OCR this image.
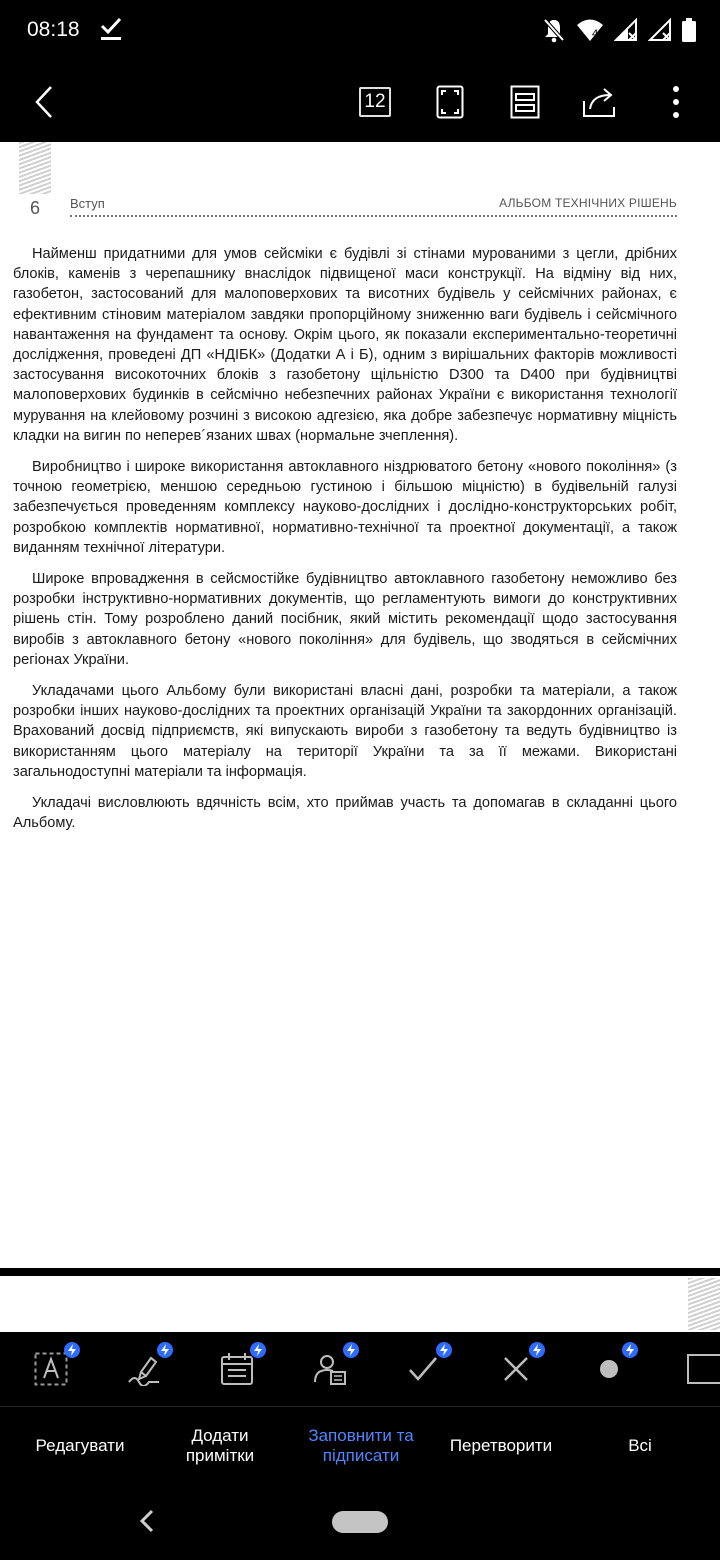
08:18	4
12
6 Вступ	АЛЬБОМ ТЕХНІЧНИХ РІШЕНЬ

Найменш придатними для умов сейсміки є будівлі зі стінами мурованими з цегли, дрібних блоків, каменів з черепашнику внаслідок підвищеної маси конструкції. На відміну від них, газобетон, застосований для малоповерхових та висотних будівель у сейсмічних районах, є ефективним стіновим матеріалом завдяки пропорційному зниженню ваги будівель і сейсмічного навантаження на фундамент та основу. Окрім цього, як показали експериментально-теоретичні дослідження, проведені ДП «НДІБК» (Додатки А і Б), одним з вирішальних факторів можливості застосування високоточних блоків з газобетону щільністю D300 та D400 при будівництві малоповерхових будинків в сейсмічно небезпечних районах України є використання технології мурування на клейовому розчині з високою адгезією, яка добре забезпечує нормативну міцність кладки на вигин по неперев´язаних швах (нормальне зчеплення).

Виробництво і широке використання автоклавного ніздрюватого бетону «нового покоління» (з точною геометрією, меншою середньою густиною і більшою міцністю) в будівельній галузі забезпечується проведенням комплексу науково-дослідних і дослідно-конструкторських робіт, розробкою комплектів нормативної, нормативно-технічної та проектної документації, а також виданням технічної літератури.

Широке впровадження в сейсмостійке будівництво автоклавного газобетону неможливо без розробки інструктивно-нормативних документів, що регламентують вимоги до конструктивних рішень стін. Тому розроблено даний посібник, який містить рекомендації щодо застосування виробів з автоклавного бетону «нового покоління» для будівель, що зводяться в сейсмічних регіонах України.

Укладачами цього Альбому були використані власні дані, розробки та матеріали, а також розробки інших науково-дослідних та проектних організацій України та закордонних організацій. Врахований досвід підприємств, які випускають вироби з газобетону та ведуть будівництво із використанням цього матеріалу на території України та за її межами. Використані загальнодоступні матеріали та інформація.

Укладачі висловлюють вдячність всім, хто приймав участь та допомагав в складанні цього Альбому.

Редагувати
Додати
примітки
Заповнити та
підписати
Перетворити	Всі
